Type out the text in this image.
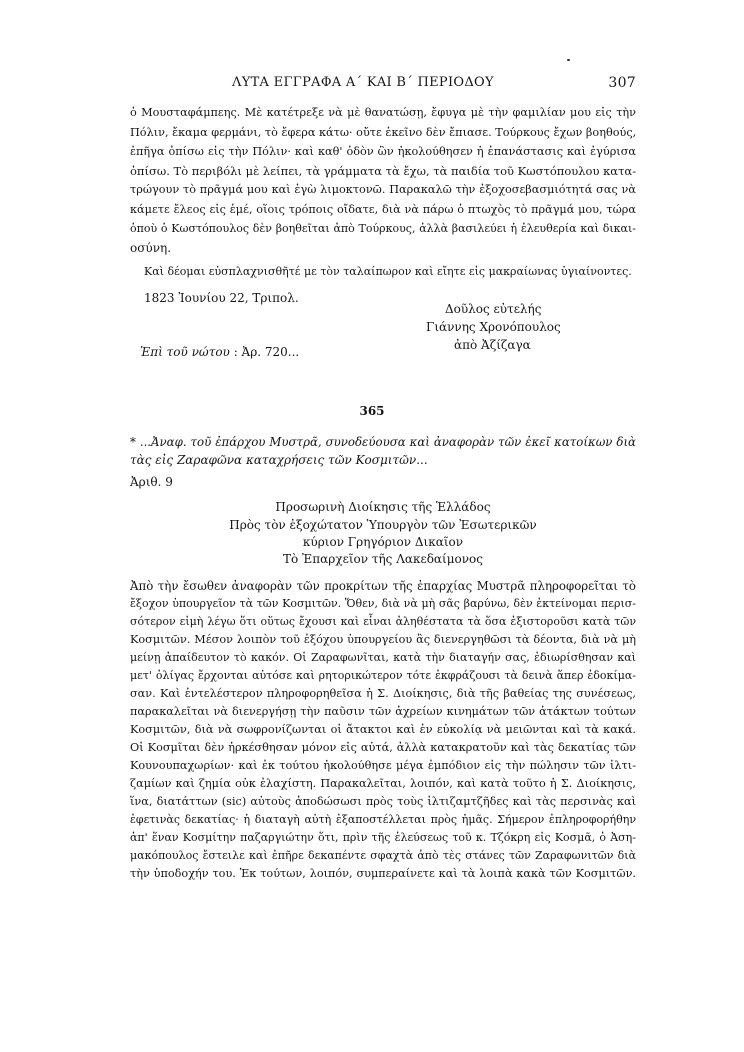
ΛΥΤΑ ΕΓΓΡΑΦΑ Α΄ ΚΑΙ Β΄ ΠΕΡΙΟΔΟΥ	307
ὁ Μουσταφάμπεης. Μὲ κατέτρεξε νὰ μὲ θανατώσῃ, ἔφυγα μὲ τὴν φαμιλίαν μου εἰς τὴν
Πόλιν, ἔκαμα φερμάνι, τὸ ἔφερα κάτω· οὔτε ἐκεῖνο δὲν ἔπιασε. Τούρκους ἔχων βοηθούς,
ἐπῆγα ὀπίσω εἰς τὴν Πόλιν· καὶ καθ' ὁδὸν ὢν ἠκολούθησεν ἡ ἐπανάστασις καὶ ἐγύρισα
ὀπίσω. Τὸ περιβόλι μὲ λείπει, τὰ γράμματα τὰ ἔχω, τὰ παιδία τοῦ Κωστόπουλου κατα-
τρώγουν τὸ πρᾶγμά μου καὶ ἐγὼ λιμοκτονῶ. Παρακαλῶ τὴν ἐξοχοσεβασμιότητά σας νὰ
κάμετε ἔλεος εἰς ἐμέ, οἵοις τρόποις οἴδατε, διὰ νὰ πάρω ὁ πτωχὸς τὸ πρᾶγμά μου, τώρα
ὁποὺ ὁ Κωστόπουλος δὲν βοηθεῖται ἀπὸ Τούρκους, ἀλλὰ βασιλεύει ἡ ἐλευθερία καὶ δικαι-
οσύνη.
Καὶ δέομαι εὐσπλαχνισθῆτέ με τὸν ταλαίπωρον καὶ εἴητε εἰς μακραίωνας ὑγιαίνοντες.
1823 Ἰουνίου 22, Τριπολ.
Δοῦλος εὐτελής
Γιάννης Χρονόπουλος
ἀπὸ Ἀζίζαγα
Ἐπὶ τοῦ νώτου : Ἀρ. 720...
365
* ...Ἀναφ. τοῦ ἐπάρχου Μυστρᾶ, συνοδεύουσα καὶ ἀναφορὰν τῶν ἐκεῖ κατοίκων διὰ
τὰς εἰς Ζαραφῶνα καταχρήσεις τῶν Κοσμιτῶν...
Ἀριθ. 9
Προσωρινὴ Διοίκησις τῆς Ἑλλάδος
Πρὸς τὸν ἐξοχώτατον Ὑπουργὸν τῶν Ἐσωτερικῶν
κύριον Γρηγόριον Δικαῖον
Τὸ Ἐπαρχεῖον τῆς Λακεδαίμονος
Ἀπὸ τὴν ἔσωθεν ἀναφορὰν τῶν προκρίτων τῆς ἐπαρχίας Μυστρᾶ πληροφορεῖται τὸ
ἔξοχον ὑπουργεῖον τὰ τῶν Κοσμιτῶν. Ὅθεν, διὰ νὰ μὴ σᾶς βαρύνω, δὲν ἐκτείνομαι περισ-
σότερον εἰμὴ λέγω ὅτι οὕτως ἔχουσι καὶ εἶναι ἀληθέστατα τὰ ὅσα ἐξιστοροῦσι κατὰ τῶν
Κοσμιτῶν. Μέσον λοιπὸν τοῦ ἐξόχου ὑπουργείου ἂς διενεργηθῶσι τὰ δέοντα, διὰ νὰ μὴ
μείνῃ ἀπαίδευτον τὸ κακόν. Οἱ Ζαραφωνῖται, κατὰ τὴν διαταγήν σας, ἐδιωρίσθησαν καὶ
μετ' ὀλίγας ἔρχονται αὐτόσε καὶ ρητορικώτερον τότε ἐκφράζουσι τὰ δεινὰ ἅπερ ἐδοκίμα-
σαν. Καὶ ἐντελέστερον πληροφορηθεῖσα ἡ Σ. Διοίκησις, διὰ τῆς βαθείας της συνέσεως,
παρακαλεῖται νὰ διενεργήσῃ τὴν παῦσιν τῶν ἀχρείων κινημάτων τῶν ἀτάκτων τούτων
Κοσμιτῶν, διὰ νὰ σωφρονίζωνται οἱ ἄτακτοι καὶ ἐν εὐκολίᾳ νὰ μειῶνται καὶ τὰ κακά.
Οἱ Κοσμῖται δὲν ἠρκέσθησαν μόνον εἰς αὐτά, ἀλλὰ κατακρατοῦν καὶ τὰς δεκατίας τῶν
Κουνουπαχωρίων· καὶ ἐκ τούτου ἠκολούθησε μέγα ἐμπόδιον εἰς τὴν πώλησιν τῶν ἰλτι-
ζαμίων καὶ ζημία οὐκ ἐλαχίστη. Παρακαλεῖται, λοιπόν, καὶ κατὰ τοῦτο ἡ Σ. Διοίκησις,
ἵνα, διατάττων (sic) αὐτοὺς ἀποδώσωσι πρὸς τοὺς ἰλτιζαμτζῆδες καὶ τὰς περσινὰς καὶ
ἐφετινὰς δεκατίας· ἡ διαταγὴ αὐτὴ ἐξαποστέλλεται πρὸς ἡμᾶς. Σήμερον ἐπληροφορήθην
ἀπ' ἕναν Κοσμίτην παζαργιώτην ὅτι, πρὶν τῆς ἐλεύσεως τοῦ κ. Τζόκρη εἰς Κοσμᾶ, ὁ Ἀση-
μακόπουλος ἔστειλε καὶ ἐπῆρε δεκαπέντε σφαχτὰ ἀπὸ τὲς στάνες τῶν Ζαραφωνιτῶν διὰ
τὴν ὑποδοχήν του. Ἐκ τούτων, λοιπόν, συμπεραίνετε καὶ τὰ λοιπὰ κακὰ τῶν Κοσμιτῶν.
